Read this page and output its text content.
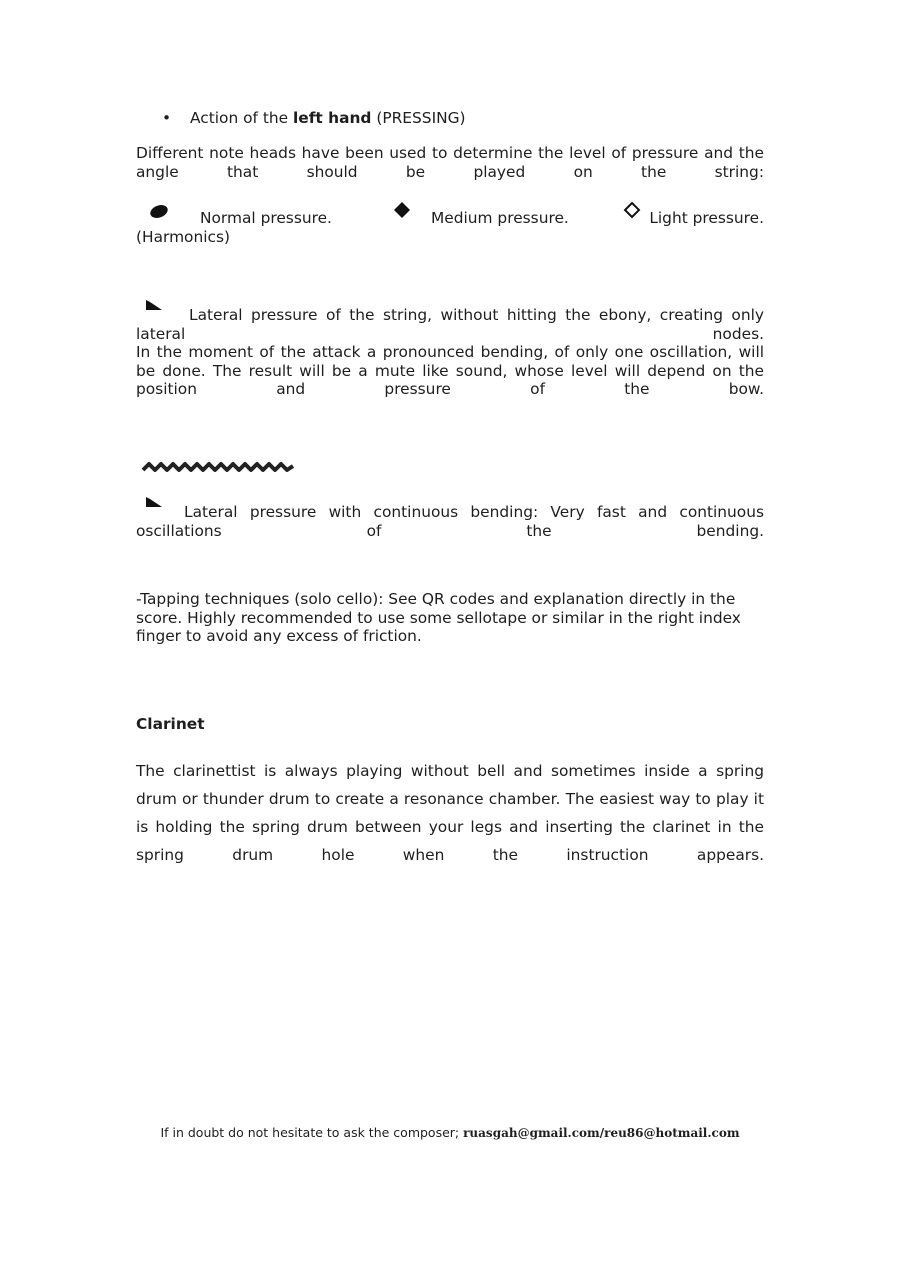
• Action of the left hand (PRESSING)
Different note heads have been used to determine the level of pressure and the angle that should be played on the string:
Normal pressure.	Medium pressure.	Light pressure.
(Harmonics)
Lateral pressure of the string, without hitting the ebony, creating only lateral nodes.
In the moment of the attack a pronounced bending, of only one oscillation, will be done. The result will be a mute like sound, whose level will depend on the position and pressure of the bow.
Lateral pressure with continuous bending: Very fast and continuous oscillations of the bending.
-Tapping techniques (solo cello): See QR codes and explanation directly in the score. Highly recommended to use some sellotape or similar in the right index finger to avoid any excess of friction.
Clarinet
The clarinettist is always playing without bell and sometimes inside a spring drum or thunder drum to create a resonance chamber. The easiest way to play it is holding the spring drum between your legs and inserting the clarinet in the spring drum hole when the instruction appears.
If in doubt do not hesitate to ask the composer; ruasgah@gmail.com/reu86@hotmail.com
